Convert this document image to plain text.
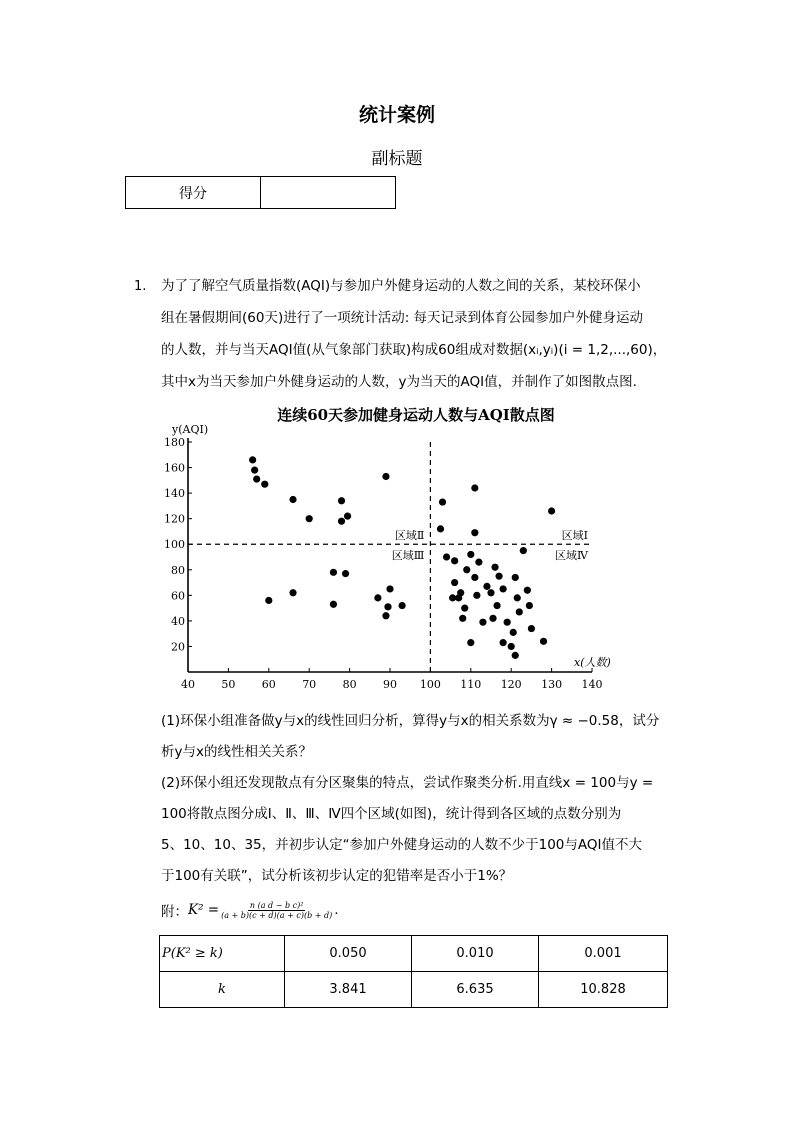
统计案例
副标题
得分	
1. 为了了解空气质量指数(AQI)与参加户外健身运动的人数之间的关系，某校环保小

组在暑假期间(60天)进行了一项统计活动: 每天记录到体育公园参加户外健身运动

的人数，并与当天AQI值(从气象部门获取)构成60组成对数据(xᵢ,yᵢ)(i = 1,2,...,60)，

其中x为当天参加户外健身运动的人数，y为当天的AQI值，并制作了如图散点图.

连续60天参加健身运动人数与AQI散点图
y(AQI)
x(人数)
40 50 60 70 80 90 100 110 120 130 140
20
40
60
80
100
120
140
160
180
区域Ⅱ
区域Ⅲ
区域Ⅰ
区域Ⅳ

(1)环保小组准备做y与x的线性回归分析，算得y与x的相关系数为γ ≈ −0.58，试分

析y与x的线性相关关系？

(2)环保小组还发现散点有分区聚集的特点，尝试作聚类分析.用直线x = 100与y =

100将散点图分成Ⅰ、Ⅱ、Ⅲ、Ⅳ四个区域(如图)，统计得到各区域的点数分别为

5、10、10、35，并初步认定“参加户外健身运动的人数不少于100与AQI值不大

于100有关联”，试分析该初步认定的犯错率是否小于1%？

附： $K^2 = \frac{\text{n (a d − b c)²}}{(a + b)(c + d)(a + c)(b + d)}$ .
P(K² ≥ k)	0.050	0.010	0.001
k	3.841	6.635	10.828
